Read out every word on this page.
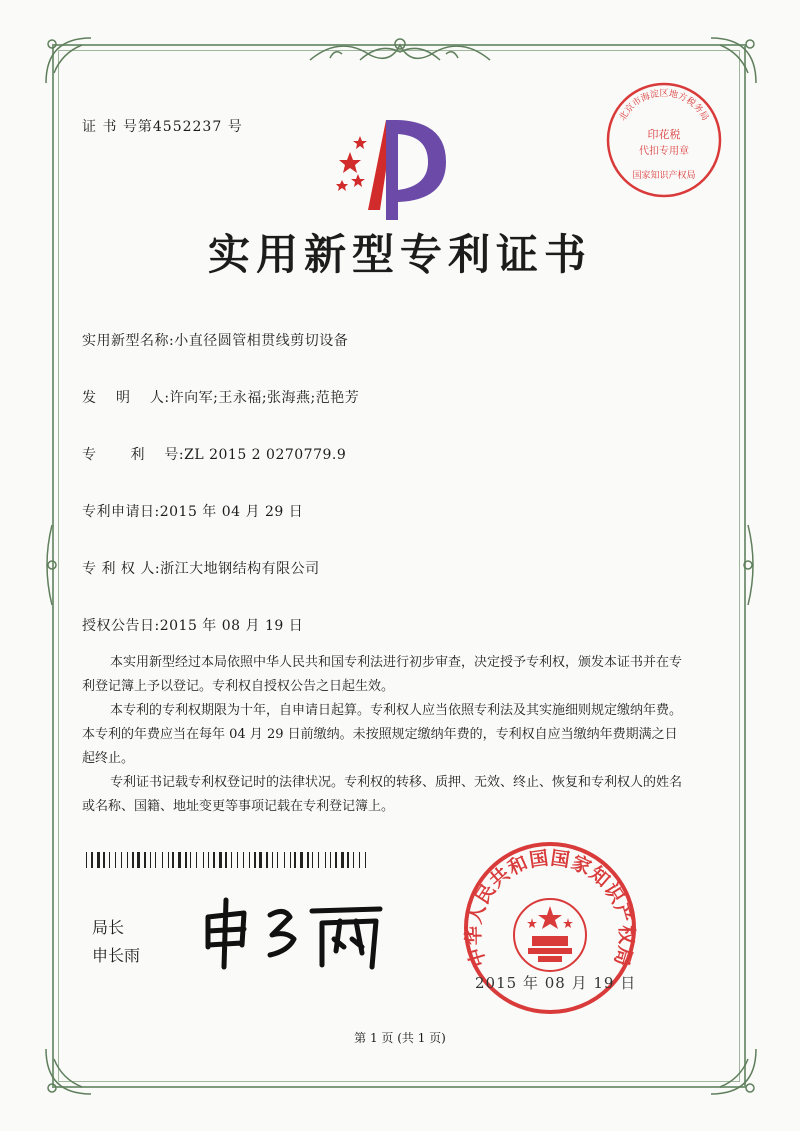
证 书 号第4552237 号
北京市海淀区地方税务局
印花税
代扣专用章
国家知识产权局
实用新型专利证书
实用新型名称:小直径圆管相贯线剪切设备
发　 明　 人:许向军;王永福;张海燕;范艳芳
专　　 利　 号:ZL 2015 2 0270779.9
专利申请日:2015 年 04 月 29 日
专 利 权 人:浙江大地钢结构有限公司
授权公告日:2015 年 08 月 19 日
本实用新型经过本局依照中华人民共和国专利法进行初步审查，决定授予专利权，颁发本证书并在专利登记簿上予以登记。专利权自授权公告之日起生效。
本专利的专利权期限为十年，自申请日起算。专利权人应当依照专利法及其实施细则规定缴纳年费。本专利的年费应当在每年 04 月 29 日前缴纳。未按照规定缴纳年费的，专利权自应当缴纳年费期满之日起终止。
专利证书记载专利权登记时的法律状况。专利权的转移、质押、无效、终止、恢复和专利权人的姓名或名称、国籍、地址变更等事项记载在专利登记簿上。
局长
申长雨	中华人民共和国国家知识产权局
2015 年 08 月 19 日
第 1 页 (共 1 页)
